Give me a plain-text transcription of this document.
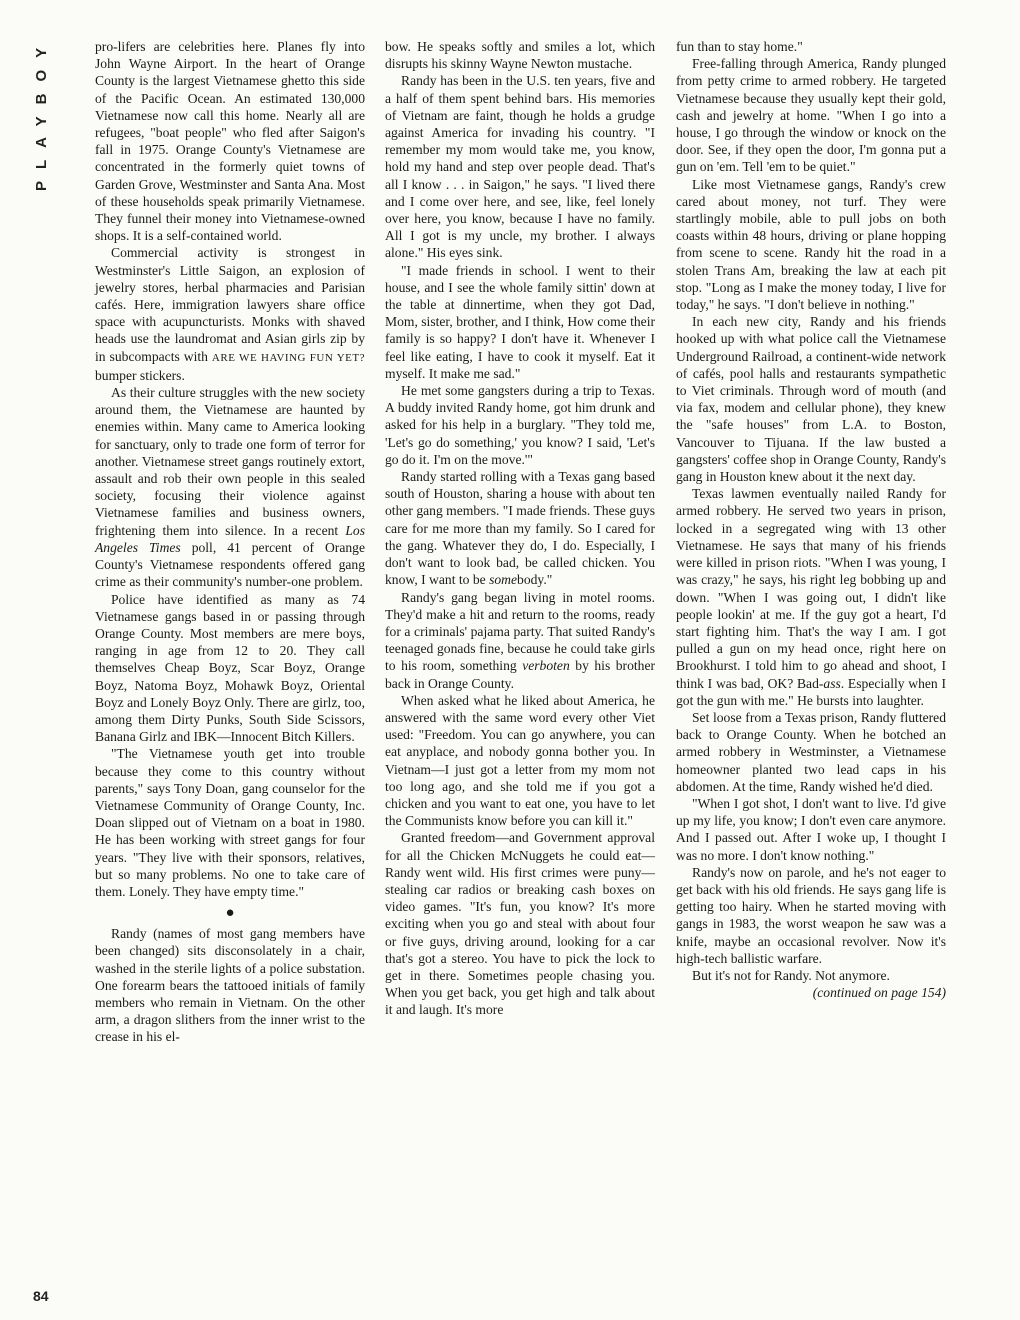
PLAYBOY
84

pro-lifers are celebrities here. Planes fly into John Wayne Airport. In the heart of Orange County is the largest Vietnamese ghetto this side of the Pacific Ocean. An estimated 130,000 Vietnamese now call this home. Nearly all are refugees, "boat people" who fled after Saigon's fall in 1975. Orange County's Vietnamese are concentrated in the formerly quiet towns of Garden Grove, Westminster and Santa Ana. Most of these households speak primarily Vietnamese. They funnel their money into Vietnamese-owned shops. It is a self-contained world.

Commercial activity is strongest in Westminster's Little Saigon, an explosion of jewelry stores, herbal pharmacies and Parisian cafés. Here, immigration lawyers share office space with acupuncturists. Monks with shaved heads use the laundromat and Asian girls zip by in subcompacts with ARE WE HAVING FUN YET? bumper stickers.

As their culture struggles with the new society around them, the Vietnamese are haunted by enemies within. Many came to America looking for sanctuary, only to trade one form of terror for another. Vietnamese street gangs routinely extort, assault and rob their own people in this sealed society, focusing their violence against Vietnamese families and business owners, frightening them into silence. In a recent Los Angeles Times poll, 41 percent of Orange County's Vietnamese respondents offered gang crime as their community's number-one problem.

Police have identified as many as 74 Vietnamese gangs based in or passing through Orange County. Most members are mere boys, ranging in age from 12 to 20. They call themselves Cheap Boyz, Scar Boyz, Orange Boyz, Natoma Boyz, Mohawk Boyz, Oriental Boyz and Lonely Boyz Only. There are girlz, too, among them Dirty Punks, South Side Scissors, Banana Girlz and IBK—Innocent Bitch Killers.

"The Vietnamese youth get into trouble because they come to this country without parents," says Tony Doan, gang counselor for the Vietnamese Community of Orange County, Inc. Doan slipped out of Vietnam on a boat in 1980. He has been working with street gangs for four years. "They live with their sponsors, relatives, but so many problems. No one to take care of them. Lonely. They have empty time."

●

Randy (names of most gang members have been changed) sits disconsolately in a chair, washed in the sterile lights of a police substation. One forearm bears the tattooed initials of family members who remain in Vietnam. On the other arm, a dragon slithers from the inner wrist to the crease in his el-

bow. He speaks softly and smiles a lot, which disrupts his skinny Wayne Newton mustache.

Randy has been in the U.S. ten years, five and a half of them spent behind bars. His memories of Vietnam are faint, though he holds a grudge against America for invading his country. "I remember my mom would take me, you know, hold my hand and step over people dead. That's all I know . . . in Saigon," he says. "I lived there and I come over here, and see, like, feel lonely over here, you know, because I have no family. All I got is my uncle, my brother. I always alone." His eyes sink.

"I made friends in school. I went to their house, and I see the whole family sittin' down at the table at dinnertime, when they got Dad, Mom, sister, brother, and I think, How come their family is so happy? I don't have it. Whenever I feel like eating, I have to cook it myself. Eat it myself. It make me sad."

He met some gangsters during a trip to Texas. A buddy invited Randy home, got him drunk and asked for his help in a burglary. "They told me, 'Let's go do something,' you know? I said, 'Let's go do it. I'm on the move.'"

Randy started rolling with a Texas gang based south of Houston, sharing a house with about ten other gang members. "I made friends. These guys care for me more than my family. So I cared for the gang. Whatever they do, I do. Especially, I don't want to look bad, be called chicken. You know, I want to be somebody."

Randy's gang began living in motel rooms. They'd make a hit and return to the rooms, ready for a criminals' pajama party. That suited Randy's teenaged gonads fine, because he could take girls to his room, something verboten by his brother back in Orange County.

When asked what he liked about America, he answered with the same word every other Viet used: "Freedom. You can go anywhere, you can eat anyplace, and nobody gonna bother you. In Vietnam—I just got a letter from my mom not too long ago, and she told me if you got a chicken and you want to eat one, you have to let the Communists know before you can kill it."

Granted freedom—and Government approval for all the Chicken McNuggets he could eat—Randy went wild. His first crimes were puny—stealing car radios or breaking cash boxes on video games. "It's fun, you know? It's more exciting when you go and steal with about four or five guys, driving around, looking for a car that's got a stereo. You have to pick the lock to get in there. Sometimes people chasing you. When you get back, you get high and talk about it and laugh. It's more

fun than to stay home."

Free-falling through America, Randy plunged from petty crime to armed robbery. He targeted Vietnamese because they usually kept their gold, cash and jewelry at home. "When I go into a house, I go through the window or knock on the door. See, if they open the door, I'm gonna put a gun on 'em. Tell 'em to be quiet."

Like most Vietnamese gangs, Randy's crew cared about money, not turf. They were startlingly mobile, able to pull jobs on both coasts within 48 hours, driving or plane hopping from scene to scene. Randy hit the road in a stolen Trans Am, breaking the law at each pit stop. "Long as I make the money today, I live for today," he says. "I don't believe in nothing."

In each new city, Randy and his friends hooked up with what police call the Vietnamese Underground Railroad, a continent-wide network of cafés, pool halls and restaurants sympathetic to Viet criminals. Through word of mouth (and via fax, modem and cellular phone), they knew the "safe houses" from L.A. to Boston, Vancouver to Tijuana. If the law busted a gangsters' coffee shop in Orange County, Randy's gang in Houston knew about it the next day.

Texas lawmen eventually nailed Randy for armed robbery. He served two years in prison, locked in a segregated wing with 13 other Vietnamese. He says that many of his friends were killed in prison riots. "When I was young, I was crazy," he says, his right leg bobbing up and down. "When I was going out, I didn't like people lookin' at me. If the guy got a heart, I'd start fighting him. That's the way I am. I got pulled a gun on my head once, right here on Brookhurst. I told him to go ahead and shoot, I think I was bad, OK? Bad-ass. Especially when I got the gun with me." He bursts into laughter.

Set loose from a Texas prison, Randy fluttered back to Orange County. When he botched an armed robbery in Westminster, a Vietnamese homeowner planted two lead caps in his abdomen. At the time, Randy wished he'd died.

"When I got shot, I don't want to live. I'd give up my life, you know; I don't even care anymore. And I passed out. After I woke up, I thought I was no more. I don't know nothing."

Randy's now on parole, and he's not eager to get back with his old friends. He says gang life is getting too hairy. When he started moving with gangs in 1983, the worst weapon he saw was a knife, maybe an occasional revolver. Now it's high-tech ballistic warfare.

But it's not for Randy. Not anymore.

(continued on page 154)
